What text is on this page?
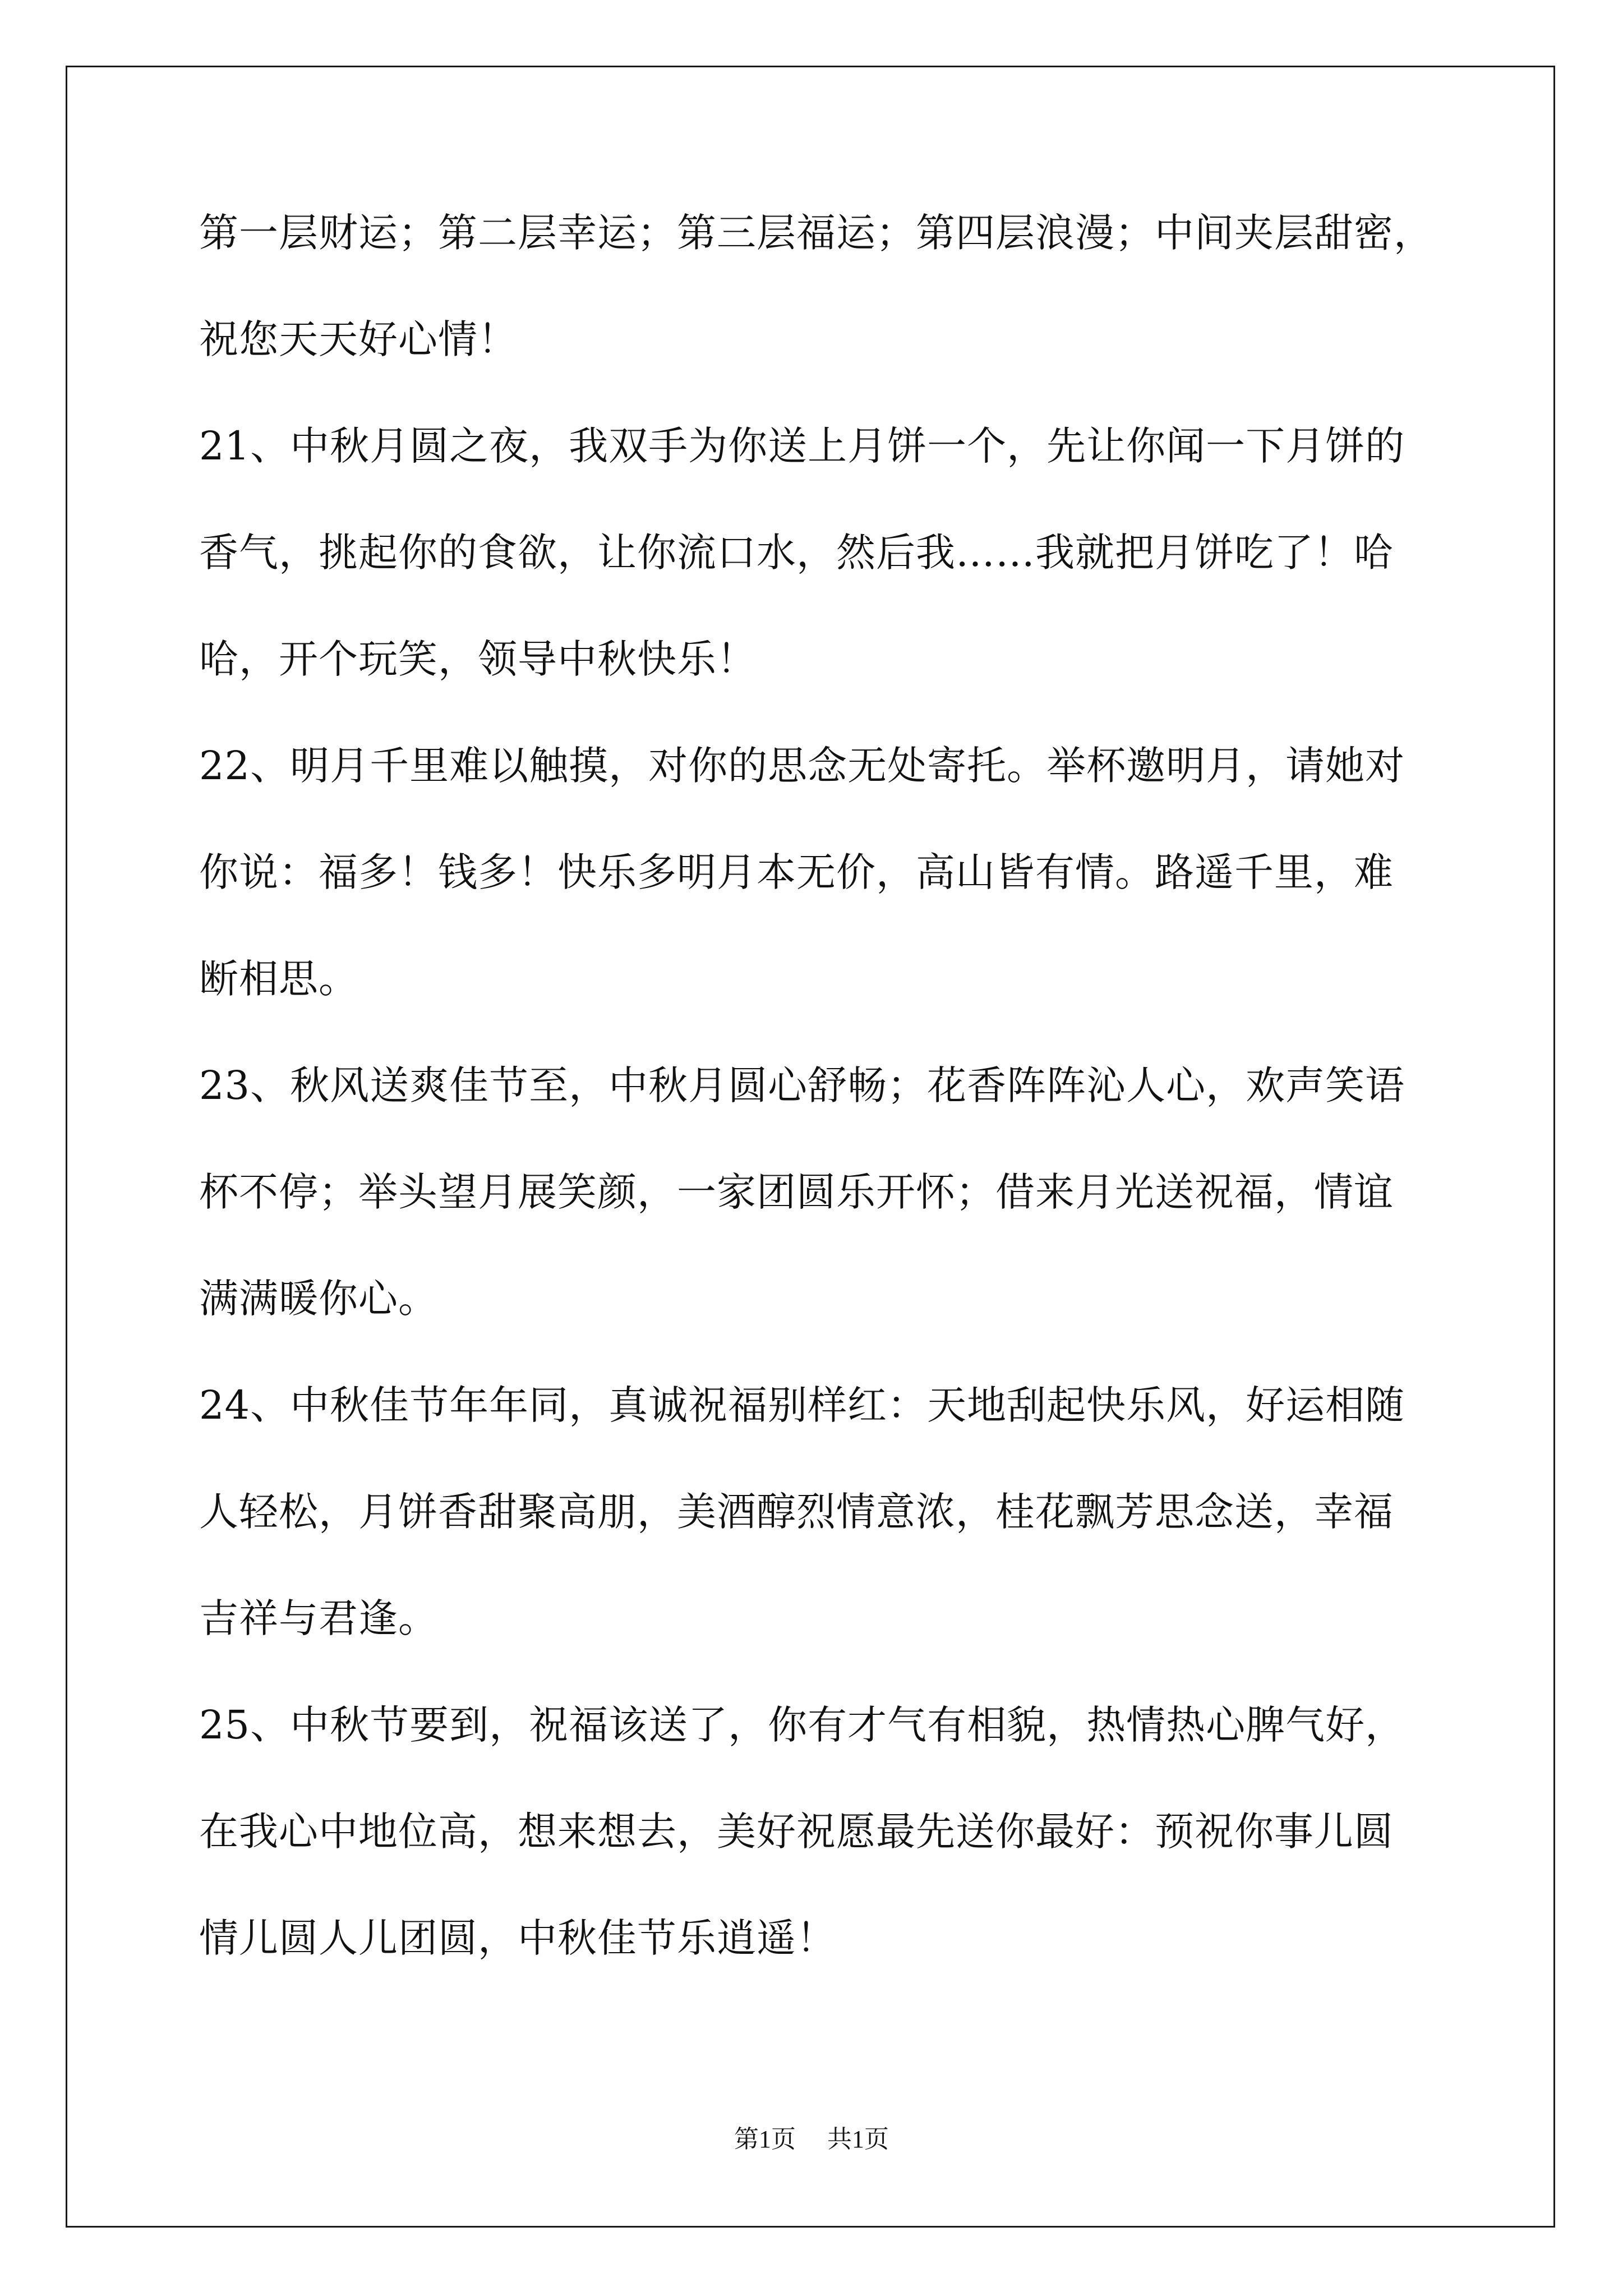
第一层财运；第二层幸运；第三层福运；第四层浪漫；中间夹层甜密，
祝您天天好心情！
21、中秋月圆之夜，我双手为你送上月饼一个，先让你闻一下月饼的
香气，挑起你的食欲，让你流口水，然后我……我就把月饼吃了！哈
哈，开个玩笑，领导中秋快乐！
22、明月千里难以触摸，对你的思念无处寄托。举杯邀明月，请她对
你说：福多！钱多！快乐多明月本无价，高山皆有情。路遥千里，难
断相思。
23、秋风送爽佳节至，中秋月圆心舒畅；花香阵阵沁人心，欢声笑语
杯不停；举头望月展笑颜，一家团圆乐开怀；借来月光送祝福，情谊
满满暖你心。
24、中秋佳节年年同，真诚祝福别样红：天地刮起快乐风，好运相随
人轻松，月饼香甜聚高朋，美酒醇烈情意浓，桂花飘芳思念送，幸福
吉祥与君逢。
25、中秋节要到，祝福该送了，你有才气有相貌，热情热心脾气好，
在我心中地位高，想来想去，美好祝愿最先送你最好：预祝你事儿圆
情儿圆人儿团圆，中秋佳节乐逍遥！
第1页 共1页
